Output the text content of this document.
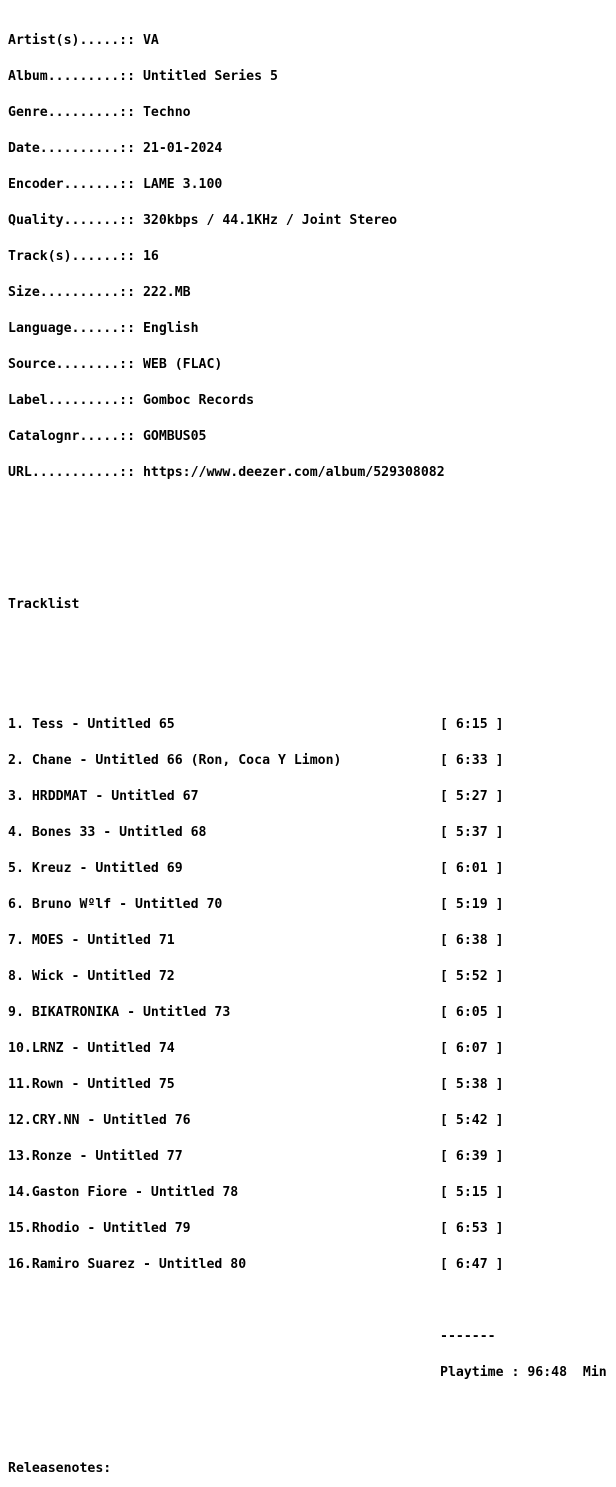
Artist(s).....:: VA

Album.........:: Untitled Series 5

Genre.........:: Techno

Date..........:: 21-01-2024

Encoder.......:: LAME 3.100

Quality.......:: 320kbps / 44.1KHz / Joint Stereo

Track(s)......:: 16

Size..........:: 222.MB

Language......:: English

Source........:: WEB (FLAC)

Label.........:: Gomboc Records

Catalognr.....:: GOMBUS05

URL...........:: https://www.deezer.com/album/529308082

Tracklist

1. Tess - Untitled 65	[ 6:15 ]

2. Chane - Untitled 66 (Ron, Coca Y Limon)	[ 6:33 ]

3. HRDDMAT - Untitled 67	[ 5:27 ]

4. Bones 33 - Untitled 68	[ 5:37 ]

5. Kreuz - Untitled 69	[ 6:01 ]

6. Bruno Wºlf - Untitled 70	[ 5:19 ]

7. MOES - Untitled 71	[ 6:38 ]

8. Wick - Untitled 72	[ 5:52 ]

9. BIKATRONIKA - Untitled 73	[ 6:05 ]

10.LRNZ - Untitled 74	[ 6:07 ]

11.Rown - Untitled 75	[ 5:38 ]

12.CRY.NN - Untitled 76	[ 5:42 ]

13.Ronze - Untitled 77	[ 6:39 ]

14.Gaston Fiore - Untitled 78	[ 5:15 ]

15.Rhodio - Untitled 79	[ 6:53 ]

16.Ramiro Suarez - Untitled 80	[ 6:47 ]

-------

Playtime : 96:48  Min

Releasenotes:
